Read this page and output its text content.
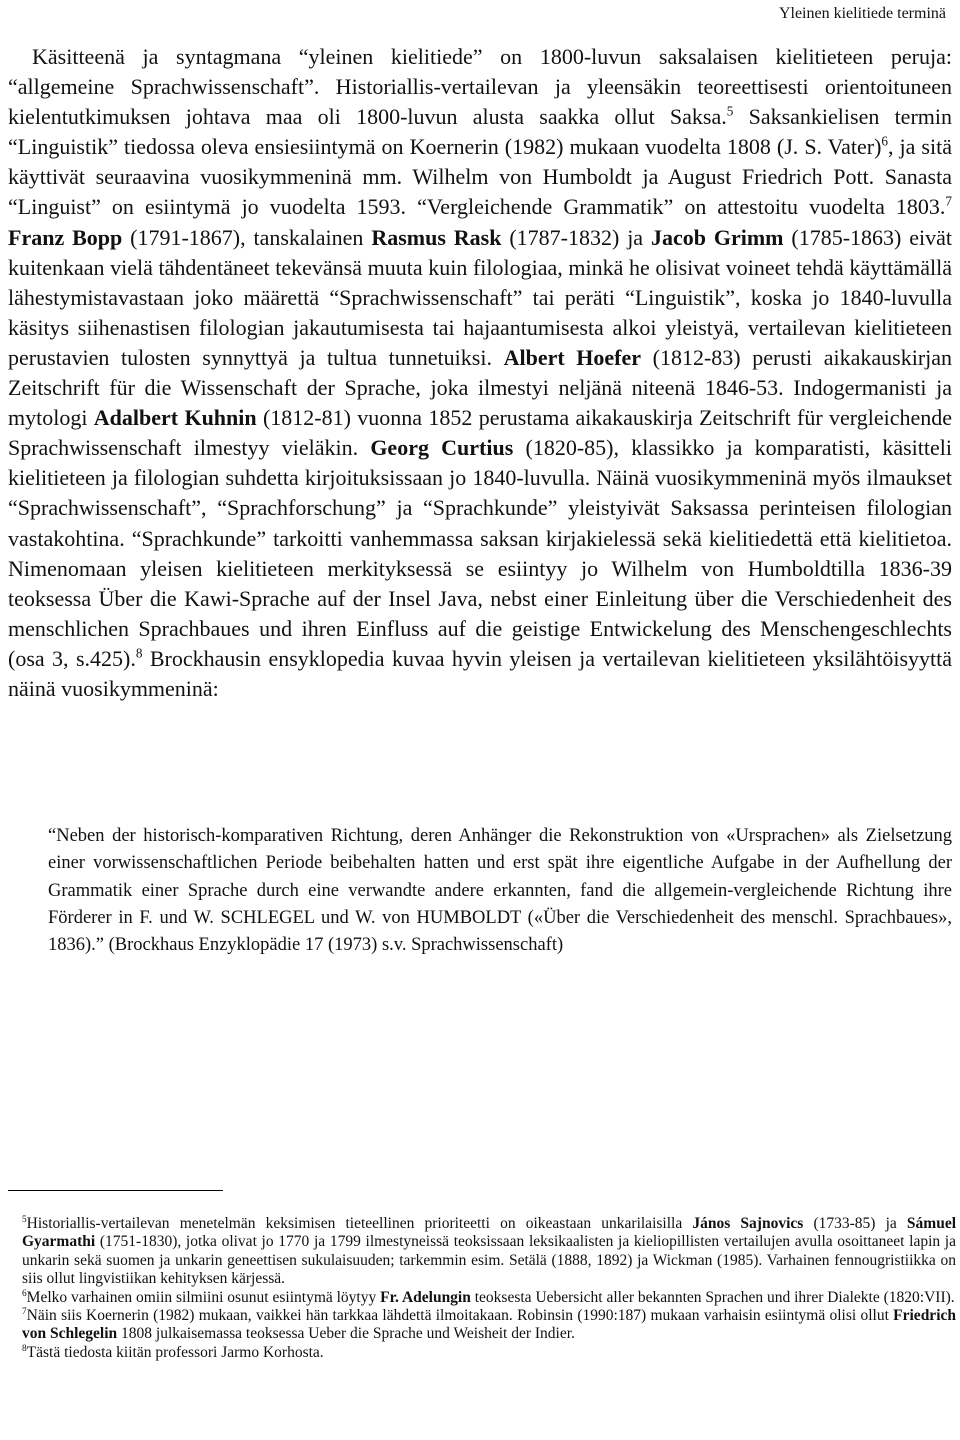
Yleinen kielitiede terminä

Käsitteenä ja syntagmana “yleinen kielitiede” on 1800-luvun saksalaisen kielitieteen peruja: “allgemeine Sprachwissenschaft”. Historiallis-vertailevan ja yleensäkin teoreettisesti orientoituneen kielentutkimuksen johtava maa oli 1800-luvun alusta saakka ollut Saksa.$^5$ Saksankielisen termin “Linguistik” tiedossa oleva ensiesiintymä on Koernerin (1982) mukaan vuodelta 1808 (J. S. Vater)$^6$, ja sitä käyttivät seuraavina vuosikymmeninä mm. Wilhelm von Humboldt ja August Friedrich Pott. Sanasta “Linguist” on esiintymä jo vuodelta 1593. “Vergleichende Grammatik” on attestoitu vuodelta 1803.$^7$ Franz Bopp (1791-1867), tanskalainen Rasmus Rask (1787-1832) ja Jacob Grimm (1785-1863) eivät kuitenkaan vielä tähdentäneet tekevänsä muuta kuin filologiaa, minkä he olisivat voineet tehdä käyttämällä lähestymistavastaan joko määrettä “Sprachwissenschaft” tai peräti “Linguistik”, koska jo 1840-luvulla käsitys siihenastisen filologian jakautumisesta tai hajaantumisesta alkoi yleistyä, vertailevan kielitieteen perustavien tulosten synnyttyä ja tultua tunnetuiksi. Albert Hoefer (1812-83) perusti aikakauskirjan Zeitschrift für die Wissenschaft der Sprache, joka ilmestyi neljänä niteenä 1846-53. Indogermanisti ja mytologi Adalbert Kuhnin (1812-81) vuonna 1852 perustama aikakauskirja Zeitschrift für vergleichende Sprachwissenschaft ilmestyy vieläkin. Georg Curtius (1820-85), klassikko ja komparatisti, käsitteli kielitieteen ja filologian suhdetta kirjoituksissaan jo 1840-luvulla. Näinä vuosikymmeninä myös ilmaukset “Sprachwissenschaft”, “Sprachforschung” ja “Sprachkunde” yleistyivät Saksassa perinteisen filologian vastakohtina. “Sprachkunde” tarkoitti vanhemmassa saksan kirjakielessä sekä kielitiedettä että kielitietoa. Nimenomaan yleisen kielitieteen merkityksessä se esiintyy jo Wilhelm von Humboldtilla 1836-39 teoksessa Über die Kawi-Sprache auf der Insel Java, nebst einer Einleitung über die Verschiedenheit des menschlichen Sprachbaues und ihren Einfluss auf die geistige Entwickelung des Menschengeschlechts (osa 3, s.425).$^8$ Brockhausin ensyklopedia kuvaa hyvin yleisen ja vertailevan kielitieteen yksilähtöisyyttä näinä vuosikymmeninä:

“Neben der historisch-komparativen Richtung, deren Anhänger die Rekonstruktion von «Ursprachen» als Zielsetzung einer vorwissenschaftlichen Periode beibehalten hatten und erst spät ihre eigentliche Aufgabe in der Aufhellung der Grammatik einer Sprache durch eine verwandte andere erkannten, fand die allgemein-vergleichende Richtung ihre Förderer in F. und W. SCHLEGEL und W. von HUMBOLDT («Über die Verschiedenheit des menschl. Sprachbaues», 1836).” (Brockhaus Enzyklopädie 17 (1973) s.v. Sprachwissenschaft)

$^5$Historiallis-vertailevan menetelmän keksimisen tieteellinen prioriteetti on oikeastaan unkarilaisilla János Sajnovics (1733-85) ja Sámuel Gyarmathi (1751-1830), jotka olivat jo 1770 ja 1799 ilmestyneissä teoksissaan leksikaalisten ja kieliopillisten vertailujen avulla osoittaneet lapin ja unkarin sekä suomen ja unkarin geneettisen sukulaisuuden; tarkemmin esim. Setälä (1888, 1892) ja Wickman (1985). Varhainen fennougristiikka on siis ollut lingvistiikan kehityksen kärjessä.

$^6$Melko varhainen omiin silmiini osunut esiintymä löytyy Fr. Adelungin teoksesta Uebersicht aller bekannten Sprachen und ihrer Dialekte (1820:VII).

$^7$Näin siis Koernerin (1982) mukaan, vaikkei hän tarkkaa lähdettä ilmoitakaan. Robinsin (1990:187) mukaan varhaisin esiintymä olisi ollut Friedrich von Schlegelin 1808 julkaisemassa teoksessa Ueber die Sprache und Weisheit der Indier.

$^8$Tästä tiedosta kiitän professori Jarmo Korhosta.
